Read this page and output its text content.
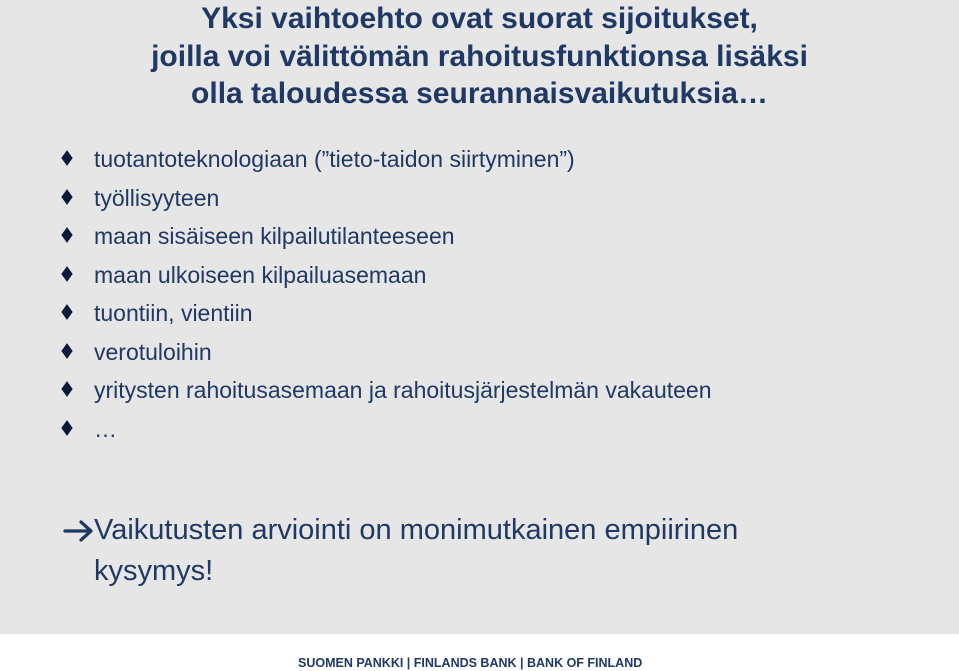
Yksi vaihtoehto ovat suorat sijoitukset,
joilla voi välittömän rahoitusfunktionsa lisäksi
olla taloudessa seurannaisvaikutuksia…
tuotantoteknologiaan (”tieto-taidon siirtyminen”)
työllisyyteen
maan sisäiseen kilpailutilanteeseen
maan ulkoiseen kilpailuasemaan
tuontiin, vientiin
verotuloihin
yritysten rahoitusasemaan ja rahoitusjärjestelmän vakauteen
…
Vaikutusten arviointi on monimutkainen empiirinen
kysymys!
SUOMEN PANKKI | FINLANDS BANK | BANK OF FINLAND
